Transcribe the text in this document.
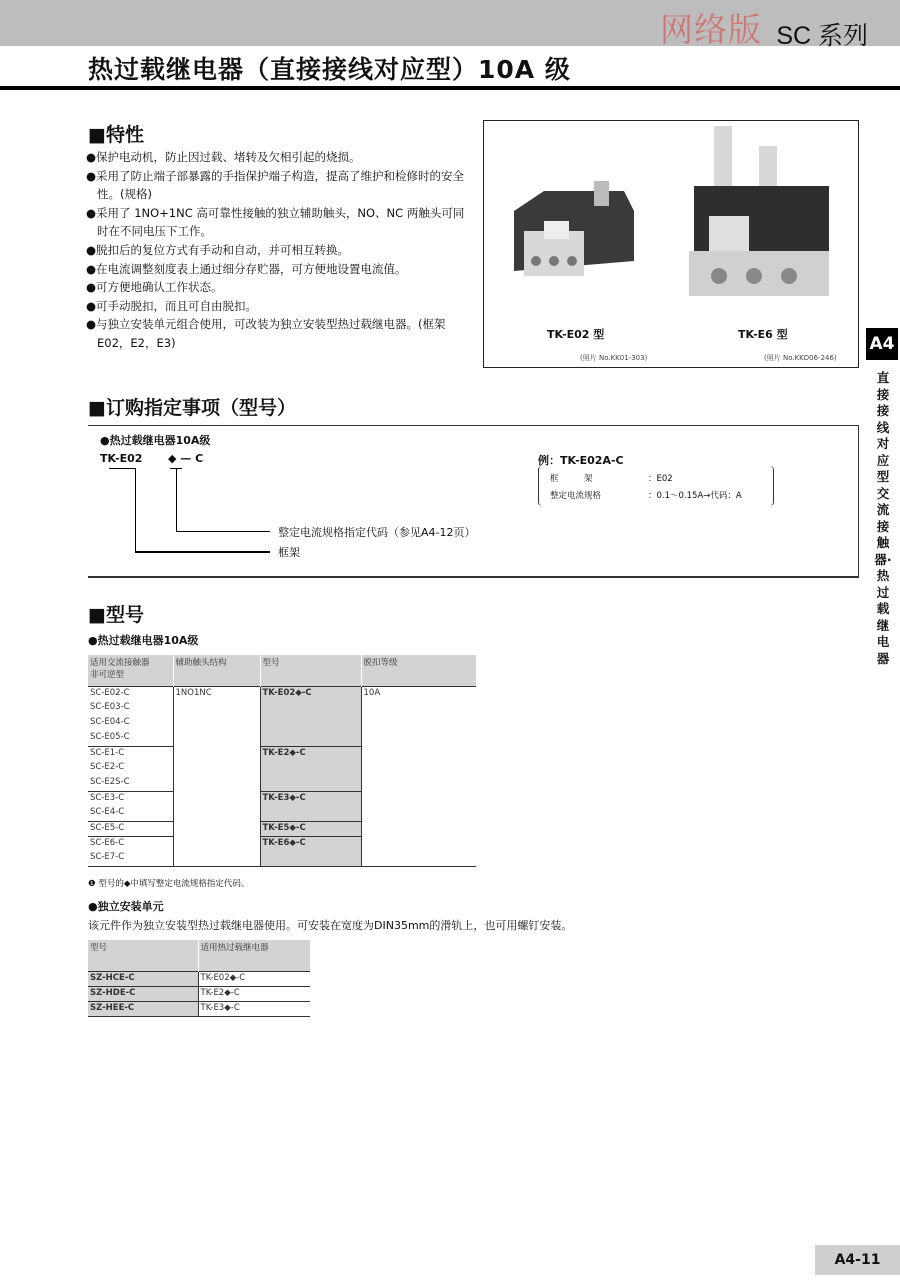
网络版 SC 系列
热过载继电器（直接接线对应型）10A 级
■特性
●保护电动机，防止因过载、堵转及欠相引起的烧损。
●采用了防止端子部暴露的手指保护端子构造，提高了维护和检修时的安全性。(规格)
●采用了 1NO+1NC 高可靠性接触的独立辅助触头，NO、NC 两触头可同时在不同电压下工作。
●脱扣后的复位方式有手动和自动，并可相互转换。
●在电流调整刻度表上通过细分存贮器，可方便地设置电流值。
●可方便地确认工作状态。
●可手动脱扣，而且可自由脱扣。
●与独立安装单元组合使用，可改装为独立安装型热过载继电器。(框架 E02，E2，E3)
TK-E02 型
(照片 No.KK01-303)
TK-E6 型
(照片 No.KKD06-246)
A4
直接接线对应型交流接触器·热过载继电器
■订购指定事项（型号）
●热过载继电器10A级
TK-E02 ◆ — C
整定电流规格指定代码（参见A4-12页）
框架
例：TK-E02A-C
框　　　架	：E02
整定电流规格	：0.1～0.15A→代码：A
■型号
●热过载继电器10A级
适用交流接触器
非可逆型	辅助触头结构	型号	脱扣等级
SC-E02-C	1NO1NC	TK-E02◆-C	10A
SC-E03-C			
SC-E04-C			
SC-E05-C			
SC-E1-C		TK-E2◆-C	
SC-E2-C			
SC-E2S-C			
SC-E3-C		TK-E3◆-C	
SC-E4-C			
SC-E5-C		TK-E5◆-C	
SC-E6-C		TK-E6◆-C	
SC-E7-C			
❶ 型号的◆中填写整定电流规格指定代码。
●独立安装单元
该元件作为独立安装型热过载继电器使用。可安装在宽度为DIN35mm的滑轨上，也可用螺钉安装。
型号	适用热过载继电器
SZ-HCE-C	TK-E02◆-C
SZ-HDE-C	TK-E2◆-C
SZ-HEE-C	TK-E3◆-C
A4-11
